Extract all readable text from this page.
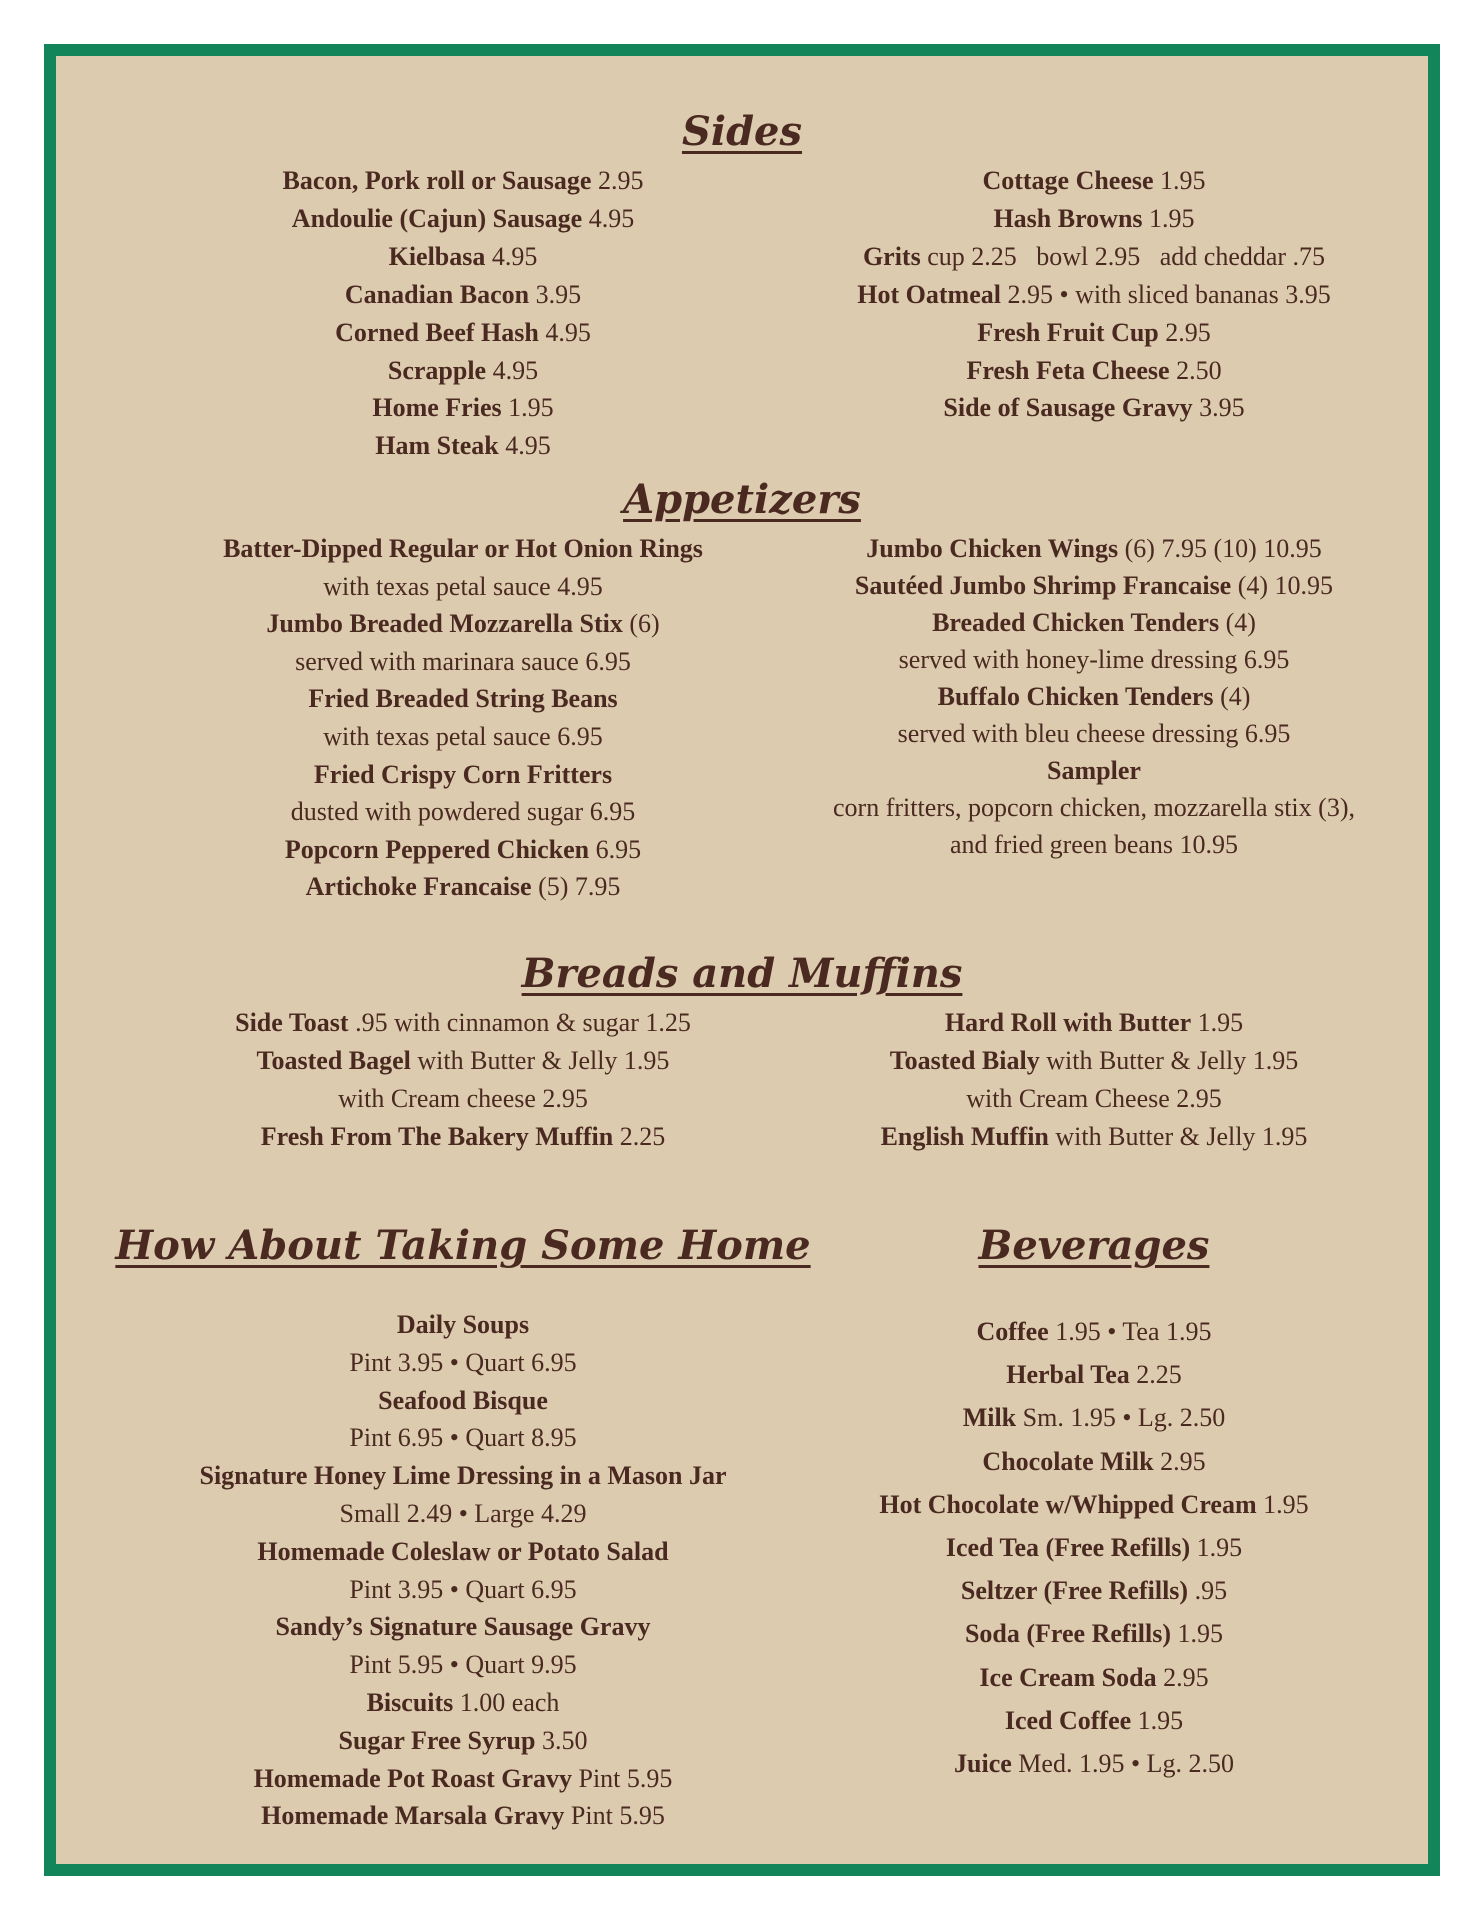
Sides
Bacon, Pork roll or Sausage 2.95
Andoulie (Cajun) Sausage 4.95
Kielbasa 4.95
Canadian Bacon 3.95
Corned Beef Hash 4.95
Scrapple 4.95
Home Fries 1.95
Ham Steak 4.95
Cottage Cheese 1.95
Hash Browns 1.95
Grits cup 2.25   bowl 2.95   add cheddar .75
Hot Oatmeal 2.95 • with sliced bananas 3.95
Fresh Fruit Cup 2.95
Fresh Feta Cheese 2.50
Side of Sausage Gravy 3.95
Appetizers
Batter-Dipped Regular or Hot Onion Rings
with texas petal sauce 4.95
Jumbo Breaded Mozzarella Stix (6)
served with marinara sauce 6.95
Fried Breaded String Beans
with texas petal sauce 6.95
Fried Crispy Corn Fritters
dusted with powdered sugar 6.95
Popcorn Peppered Chicken 6.95
Artichoke Francaise (5) 7.95
Jumbo Chicken Wings (6) 7.95 (10) 10.95
Sautéed Jumbo Shrimp Francaise (4) 10.95
Breaded Chicken Tenders (4)
served with honey-lime dressing 6.95
Buffalo Chicken Tenders (4)
served with bleu cheese dressing 6.95
Sampler
corn fritters, popcorn chicken, mozzarella stix (3),
and fried green beans 10.95
Breads and Muffins
Side Toast .95 with cinnamon & sugar 1.25
Toasted Bagel with Butter & Jelly 1.95
with Cream cheese 2.95
Fresh From The Bakery Muffin 2.25
Hard Roll with Butter 1.95
Toasted Bialy with Butter & Jelly 1.95
with Cream Cheese 2.95
English Muffin with Butter & Jelly 1.95
How About Taking Some Home
Daily Soups
Pint 3.95 • Quart 6.95
Seafood Bisque
Pint 6.95 • Quart 8.95
Signature Honey Lime Dressing in a Mason Jar
Small 2.49 • Large 4.29
Homemade Coleslaw or Potato Salad
Pint 3.95 • Quart 6.95
Sandy’s Signature Sausage Gravy
Pint 5.95 • Quart 9.95
Biscuits 1.00 each
Sugar Free Syrup 3.50
Homemade Pot Roast Gravy Pint 5.95
Homemade Marsala Gravy Pint 5.95
Beverages
Coffee 1.95 • Tea 1.95
Herbal Tea 2.25
Milk Sm. 1.95 • Lg. 2.50
Chocolate Milk 2.95
Hot Chocolate w/Whipped Cream 1.95
Iced Tea (Free Refills) 1.95
Seltzer (Free Refills) .95
Soda (Free Refills) 1.95
Ice Cream Soda 2.95
Iced Coffee 1.95
Juice Med. 1.95 • Lg. 2.50
